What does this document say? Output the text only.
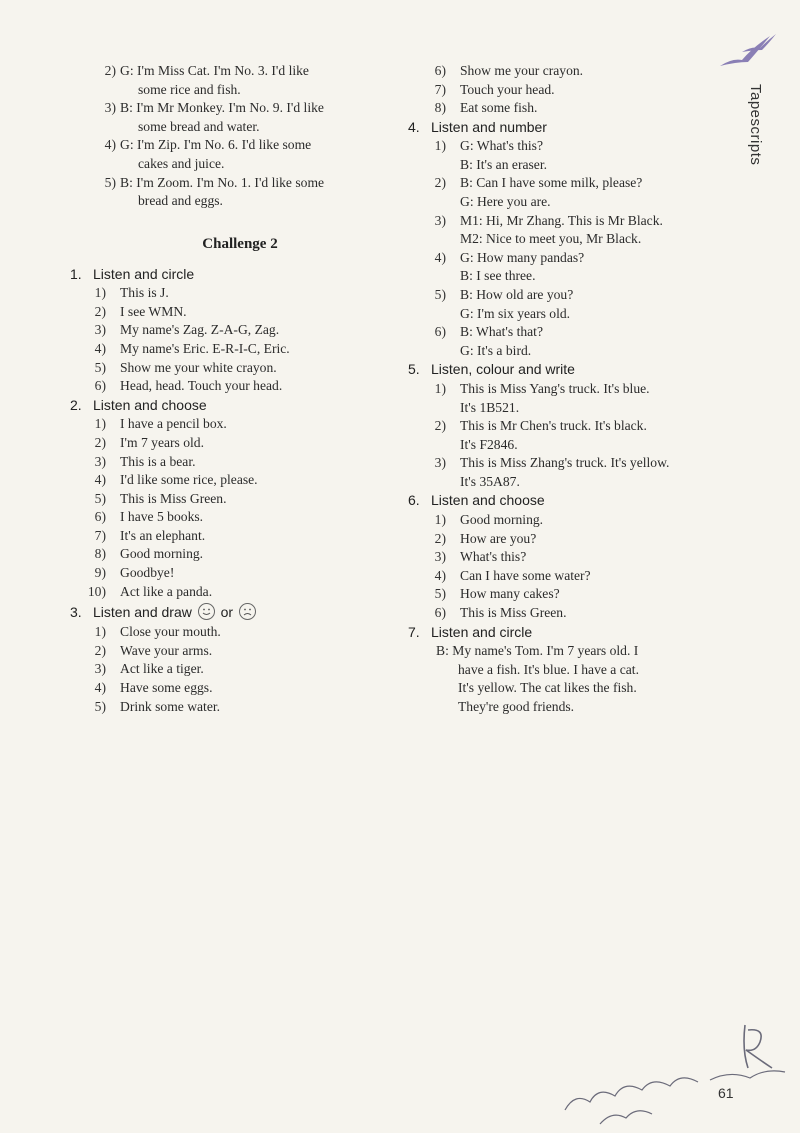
Tapescripts
2) G: I'm Miss Cat. I'm No. 3. I'd like
some rice and fish.
3) B: I'm Mr Monkey. I'm No. 9. I'd like
some bread and water.
4) G: I'm Zip. I'm No. 6. I'd like some
cakes and juice.
5) B: I'm Zoom. I'm No. 1. I'd like some
bread and eggs.
Challenge 2
1. Listen and circle
1) This is J.
2) I see WMN.
3) My name's Zag. Z-A-G, Zag.
4) My name's Eric. E-R-I-C, Eric.
5) Show me your white crayon.
6) Head, head. Touch your head.
2. Listen and choose
1) I have a pencil box.
2) I'm 7 years old.
3) This is a bear.
4) I'd like some rice, please.
5) This is Miss Green.
6) I have 5 books.
7) It's an elephant.
8) Good morning.
9) Goodbye!
10) Act like a panda.
3. Listen and draw or
1) Close your mouth.
2) Wave your arms.
3) Act like a tiger.
4) Have some eggs.
5) Drink some water.
6) Show me your crayon.
7) Touch your head.
8) Eat some fish.
4. Listen and number
1) G: What's this?
B: It's an eraser.
2) B: Can I have some milk, please?
G: Here you are.
3) M1: Hi, Mr Zhang. This is Mr Black.
M2: Nice to meet you, Mr Black.
4) G: How many pandas?
B: I see three.
5) B: How old are you?
G: I'm six years old.
6) B: What's that?
G: It's a bird.
5. Listen, colour and write
1) This is Miss Yang's truck. It's blue.
It's 1B521.
2) This is Mr Chen's truck. It's black.
It's F2846.
3) This is Miss Zhang's truck. It's yellow.
It's 35A87.
6. Listen and choose
1) Good morning.
2) How are you?
3) What's this?
4) Can I have some water?
5) How many cakes?
6) This is Miss Green.
7. Listen and circle
B: My name's Tom. I'm 7 years old. I
have a fish. It's blue. I have a cat.
It's yellow. The cat likes the fish.
They're good friends.
61
